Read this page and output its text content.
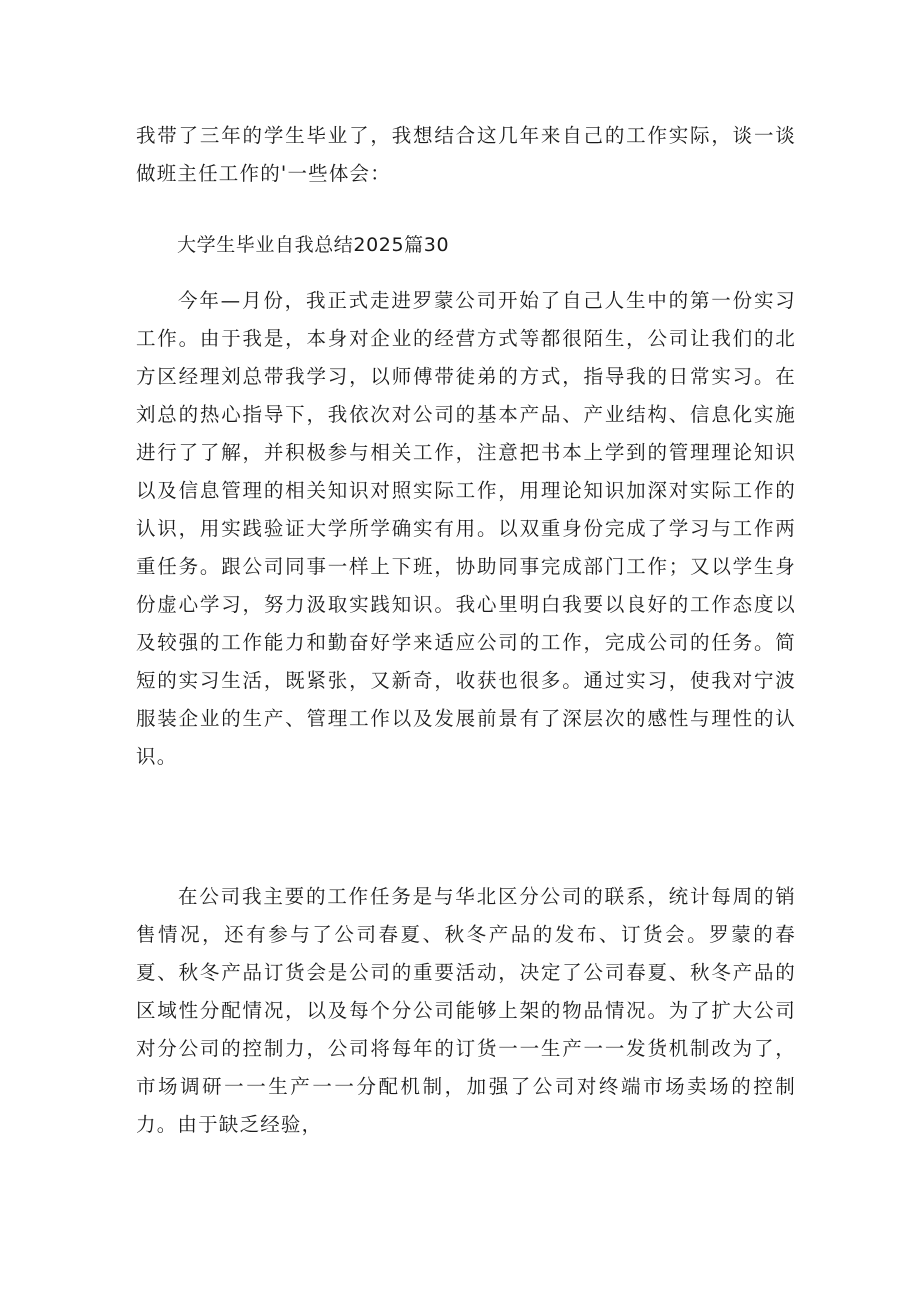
我带了三年的学生毕业了，我想结合这几年来自己的工作实际，谈一谈做班主任工作的'一些体会：

大学生毕业自我总结2025篇30

今年—月份，我正式走进罗蒙公司开始了自己人生中的第一份实习工作。由于我是，本身对企业的经营方式等都很陌生，公司让我们的北方区经理刘总带我学习，以师傅带徒弟的方式，指导我的日常实习。在刘总的热心指导下，我依次对公司的基本产品、产业结构、信息化实施进行了了解，并积极参与相关工作，注意把书本上学到的管理理论知识以及信息管理的相关知识对照实际工作，用理论知识加深对实际工作的认识，用实践验证大学所学确实有用。以双重身份完成了学习与工作两重任务。跟公司同事一样上下班，协助同事完成部门工作；又以学生身份虚心学习，努力汲取实践知识。我心里明白我要以良好的工作态度以及较强的工作能力和勤奋好学来适应公司的工作，完成公司的任务。简短的实习生活，既紧张，又新奇，收获也很多。通过实习，使我对宁波服装企业的生产、管理工作以及发展前景有了深层次的感性与理性的认识。

在公司我主要的工作任务是与华北区分公司的联系，统计每周的销售情况，还有参与了公司春夏、秋冬产品的发布、订货会。罗蒙的春夏、秋冬产品订货会是公司的重要活动，决定了公司春夏、秋冬产品的区域性分配情况，以及每个分公司能够上架的物品情况。为了扩大公司对分公司的控制力，公司将每年的订货一一生产一一发货机制改为了，市场调研一一生产一一分配机制，加强了公司对终端市场卖场的控制力。由于缺乏经验，
